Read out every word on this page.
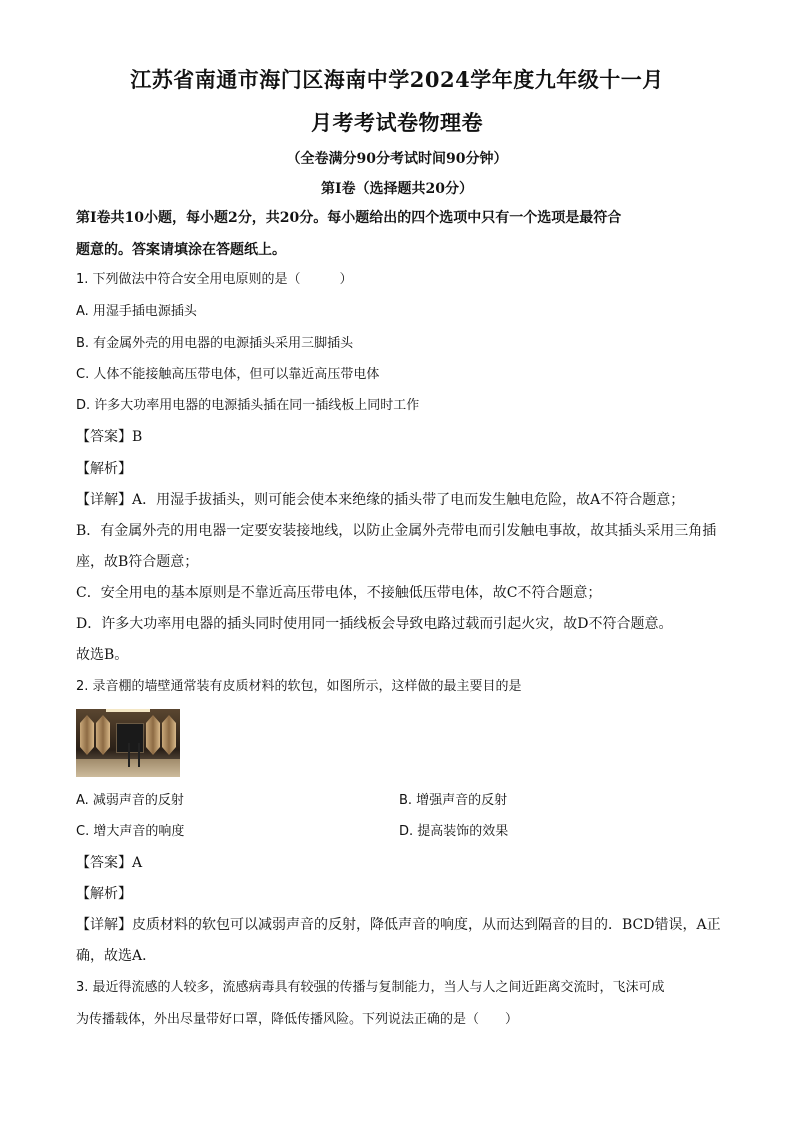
江苏省南通市海门区海南中学2024学年度九年级十一月
月考考试卷物理卷
（全卷满分90分考试时间90分钟）
第Ⅰ卷（选择题共20分）
第Ⅰ卷共10小题，每小题2分，共20分。每小题给出的四个选项中只有一个选项是最符合
题意的。答案请填涂在答题纸上。
1. 下列做法中符合安全用电原则的是（　　　）
A. 用湿手插电源插头
B. 有金属外壳的用电器的电源插头采用三脚插头
C. 人体不能接触高压带电体，但可以靠近高压带电体
D. 许多大功率用电器的电源插头插在同一插线板上同时工作
【答案】B
【解析】
【详解】A．用湿手拔插头，则可能会使本来绝缘的插头带了电而发生触电危险，故A不符合题意；
B．有金属外壳的用电器一定要安装接地线，以防止金属外壳带电而引发触电事故，故其插头采用三角插
座，故B符合题意；
C．安全用电的基本原则是不靠近高压带电体，不接触低压带电体，故C不符合题意；
D．许多大功率用电器的插头同时使用同一插线板会导致电路过载而引起火灾，故D不符合题意。
故选B。
2. 录音棚的墙壁通常装有皮质材料的软包，如图所示，这样做的最主要目的是
A. 减弱声音的反射	B. 增强声音的反射
C. 增大声音的响度	D. 提高装饰的效果
【答案】A
【解析】
【详解】皮质材料的软包可以减弱声音的反射，降低声音的响度，从而达到隔音的目的．BCD错误，A正
确，故选A．
3. 最近得流感的人较多，流感病毒具有较强的传播与复制能力，当人与人之间近距离交流时，飞沫可成
为传播载体，外出尽量带好口罩，降低传播风险。下列说法正确的是（　　）
